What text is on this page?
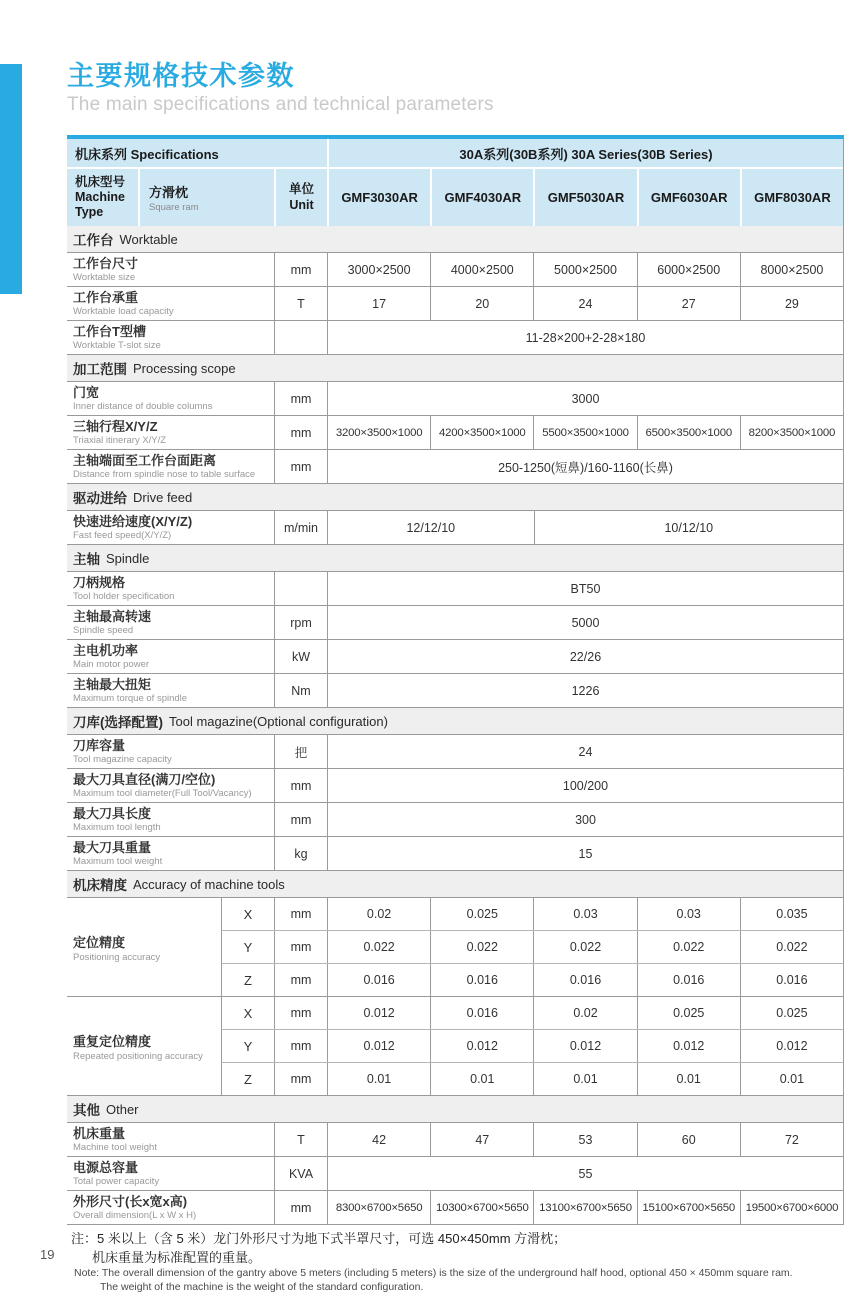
主要规格技术参数
The main specifications and technical parameters
机床系列 Specifications	30A系列(30B系列) 30A Series(30B Series)
机床型号 Machine Type
方滑枕
Square ram
单位
Unit	GMF3030AR	GMF4030AR	GMF5030AR	GMF6030AR	GMF8030AR
工作台 Worktable
工作台尺寸
Worktable size
mm	3000×2500	4000×2500	5000×2500	6000×2500	8000×2500
工作台承重
Worktable load capacity
T	17	20	24	27	29
工作台T型槽
Worktable T-slot size
11-28×200+2-28×180
加工范围 Processing scope
门宽
Inner distance of double columns
mm	3000
三轴行程X/Y/Z
Triaxial itinerary X/Y/Z
mm	3200×3500×1000	4200×3500×1000	5500×3500×1000	6500×3500×1000	8200×3500×1000
主轴端面至工作台面距离
Distance from spindle nose to table surface
mm	250-1250(短鼻)/160-1160(长鼻)
驱动进给 Drive feed
快速进给速度(X/Y/Z)
Fast feed speed(X/Y/Z)
m/min	12/12/10	10/12/10
主轴 Spindle
刀柄规格
Tool holder specification
BT50
主轴最高转速
Spindle speed
rpm	5000
主电机功率
Main motor power
kW	22/26
主轴最大扭矩
Maximum torque of spindle
Nm	1226
刀库(选择配置) Tool magazine(Optional configuration)
刀库容量
Tool magazine capacity	把	24
最大刀具直径(满刀/空位)
Maximum tool diameter(Full Tool/Vacancy)
mm	100/200
最大刀具长度
Maximum tool length
mm	300
最大刀具重量
Maximum tool weight
kg	15
机床精度 Accuracy of machine tools
定位精度
Positioning accuracy
X	mm	0.02	0.025	0.03	0.03	0.035
Y	mm	0.022	0.022	0.022	0.022	0.022
Z	mm	0.016	0.016	0.016	0.016	0.016
重复定位精度
Repeated positioning accuracy
X	mm	0.012	0.016	0.02	0.025	0.025
Y	mm	0.012	0.012	0.012	0.012	0.012
Z	mm	0.01	0.01	0.01	0.01	0.01
其他 Other
机床重量
Machine tool weight
T	42	47	53	60	72
电源总容量
Total power capacity
KVA	55
外形尺寸(长x宽x高)
Overall dimension(L x W x H)
mm	8300×6700×5650	10300×6700×5650 13100×6700×5650 15100×6700×5650 19500×6700×6000
注：5 米以上（含 5 米）龙门外形尺寸为地下式半罩尺寸，可选 450×450mm 方滑枕；
机床重量为标准配置的重量。
Note: The overall dimension of the gantry above 5 meters (including 5 meters) is the size of the underground half hood, optional 450 × 450mm square ram.
The weight of the machine is the weight of the standard configuration.
19
